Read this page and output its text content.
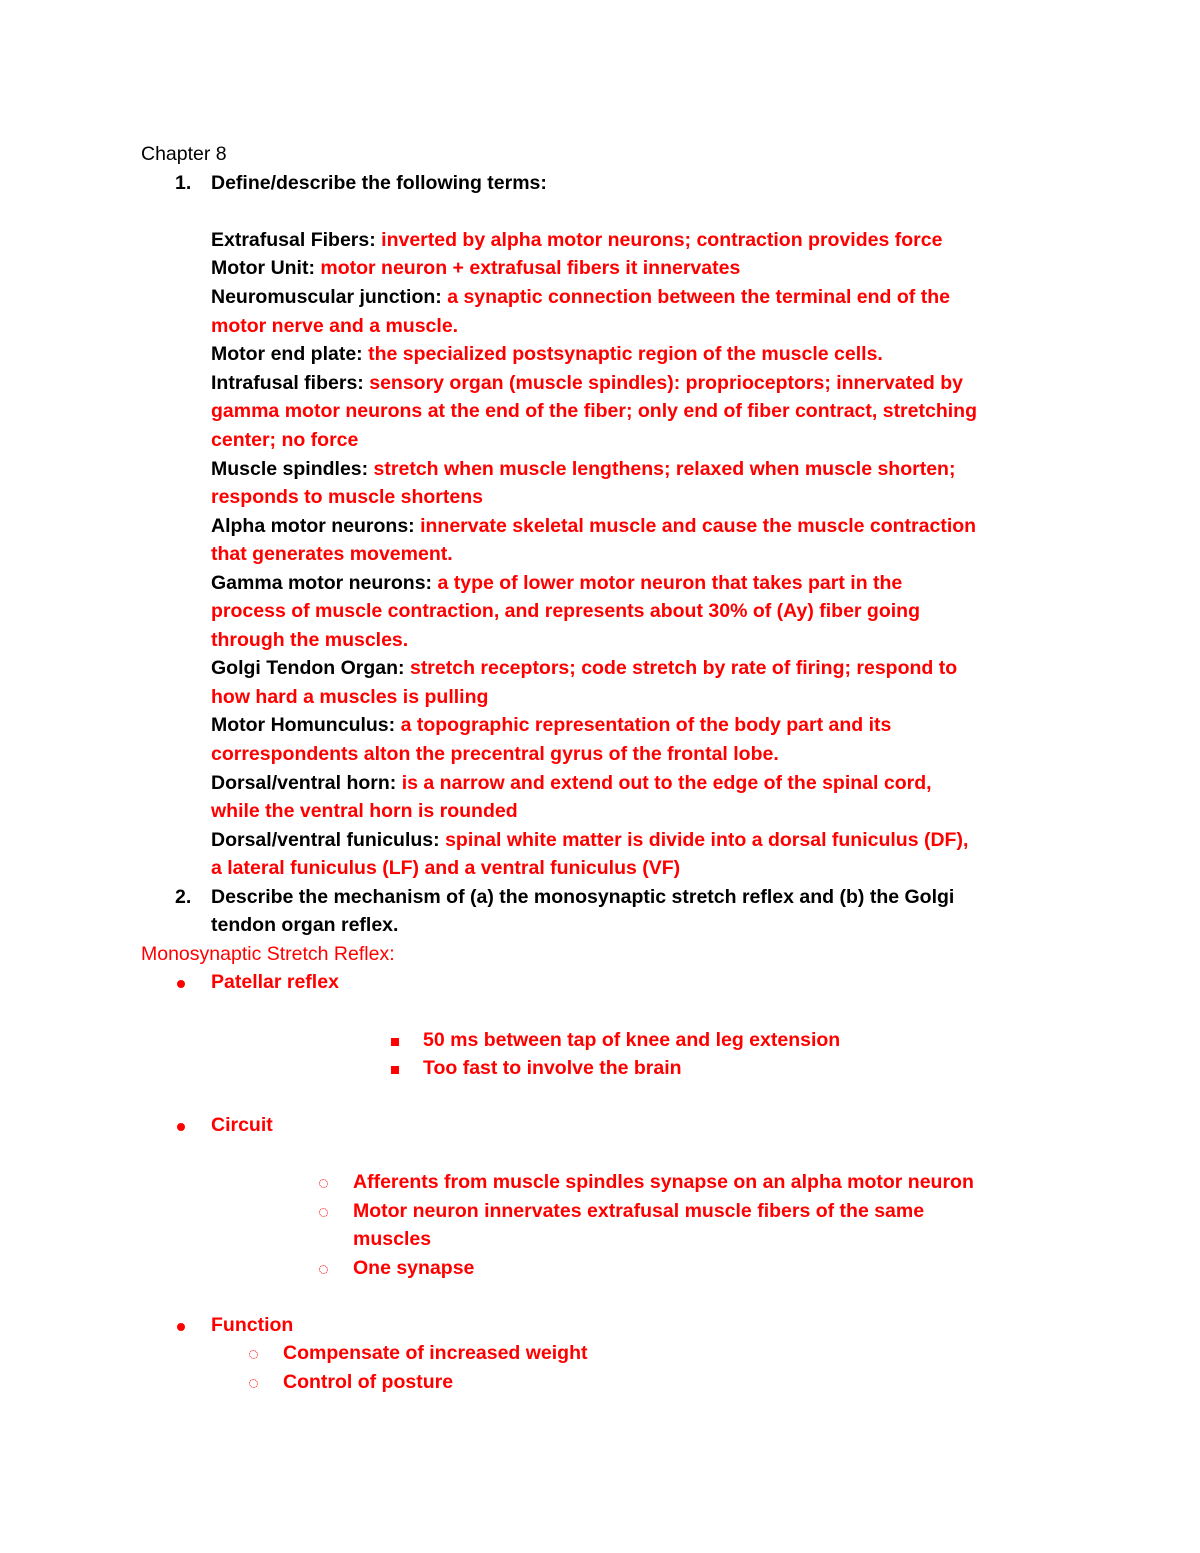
Chapter 8
1. Define/describe the following terms:
Extrafusal Fibers: inverted by alpha motor neurons; contraction provides force
Motor Unit: motor neuron + extrafusal fibers it innervates
Neuromuscular junction: a synaptic connection between the terminal end of the
motor nerve and a muscle.
Motor end plate: the specialized postsynaptic region of the muscle cells.
Intrafusal fibers: sensory organ (muscle spindles): proprioceptors; innervated by
gamma motor neurons at the end of the fiber; only end of fiber contract, stretching
center; no force
Muscle spindles: stretch when muscle lengthens; relaxed when muscle shorten;
responds to muscle shortens
Alpha motor neurons: innervate skeletal muscle and cause the muscle contraction
that generates movement.
Gamma motor neurons: a type of lower motor neuron that takes part in the
process of muscle contraction, and represents about 30% of (Ay) fiber going
through the muscles.
Golgi Tendon Organ: stretch receptors; code stretch by rate of firing; respond to
how hard a muscles is pulling
Motor Homunculus: a topographic representation of the body part and its
correspondents alton the precentral gyrus of the frontal lobe.
Dorsal/ventral horn: is a narrow and extend out to the edge of the spinal cord,
while the ventral horn is rounded
Dorsal/ventral funiculus: spinal white matter is divide into a dorsal funiculus (DF),
a lateral funiculus (LF) and a ventral funiculus (VF)
2. Describe the mechanism of (a) the monosynaptic stretch reflex and (b) the Golgi
tendon organ reflex.
Monosynaptic Stretch Reflex:
Patellar reflex
50 ms between tap of knee and leg extension
Too fast to involve the brain
Circuit
Afferents from muscle spindles synapse on an alpha motor neuron
Motor neuron innervates extrafusal muscle fibers of the same
muscles
One synapse
Function
Compensate of increased weight
Control of posture
